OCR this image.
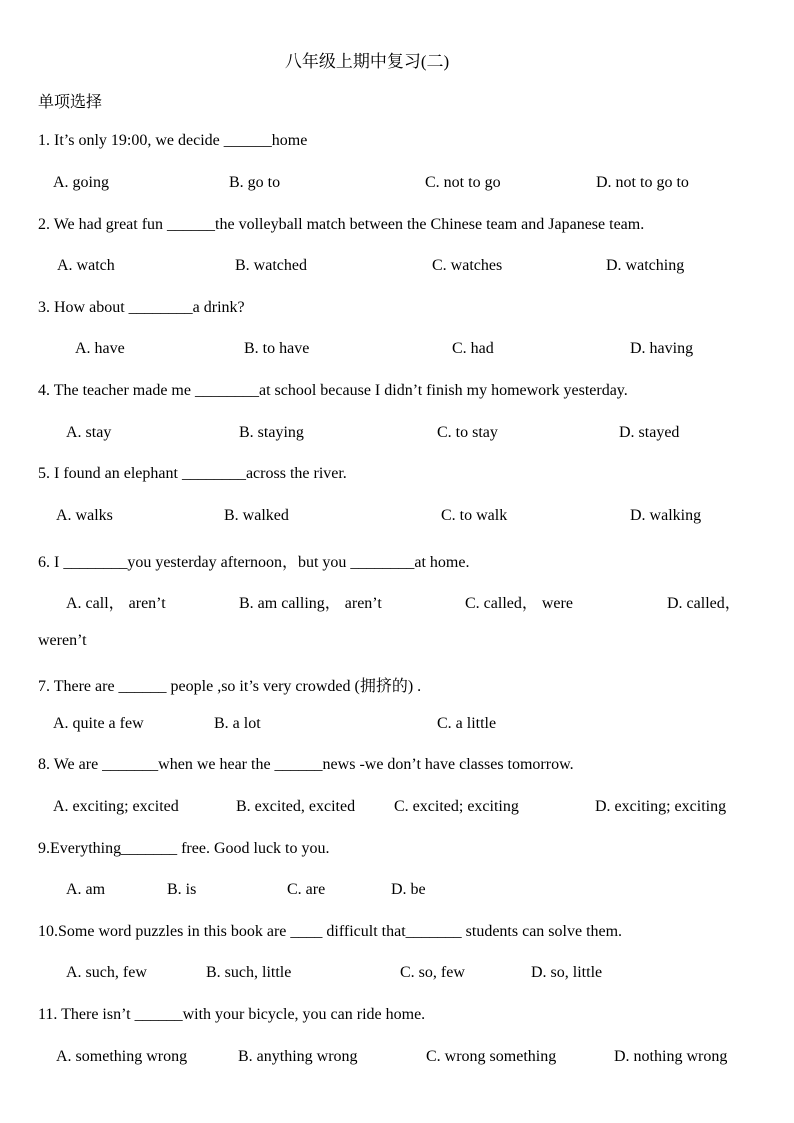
八年级上期中复习(二)
单项选择
1. It’s only 19:00, we decide ______home
A. going	B. go to	C. not to go	D. not to go to
2. We had great fun ______the volleyball match between the Chinese team and Japanese team.
A. watch	B. watched	C. watches	D. watching
3. How about ________a drink?
A. have	B. to have	C. had	D. having
4. The teacher made me ________at school because I didn’t finish my homework yesterday.
A. stay	B. staying	C. to stay	D. stayed
5. I found an elephant ________across the river.
A. walks	B. walked	C. to walk	D. walking
6. I ________you yesterday afternoon，but you ________at home.
A. call， aren’t	B. am calling， aren’t	C. called， were	D. called，
weren’t
7. There are ______ people ,so it’s very crowded (拥挤的) .
A. quite a few	B. a lot	C. a little
8. We are _______when we hear the ______news -we don’t have classes tomorrow.
A. exciting; excited	B. excited, excited C. excited; exciting	D. exciting; exciting
9.Everything_______ free. Good luck to you.
A. am	B. is	C. are	D. be
10.Some word puzzles in this book are ____ difficult that_______ students can solve them.
A. such, few	B. such, little	C. so, few	D. so, little
11. There isn’t ______with your bicycle, you can ride home.
A. something wrong	B. anything wrong	C. wrong something	D. nothing wrong
